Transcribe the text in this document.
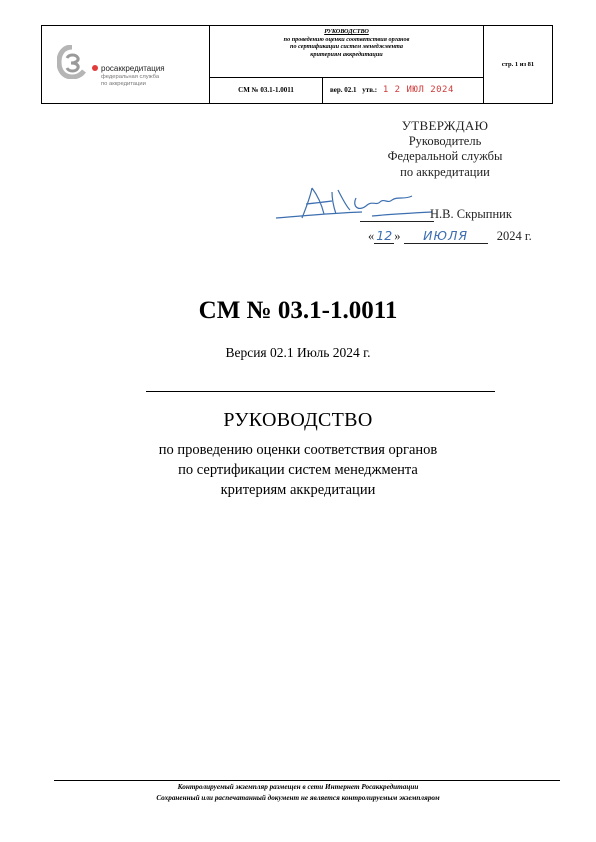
росаккредитация
федеральная служба
по аккредитации
РУКОВОДСТВО
по проведению оценки соответствия органов
по сертификации систем менеджмента
критериям аккредитации
СМ № 03.1-1.0011	вер. 02.1 утв.: 1 2 ИЮЛ 2024
стр. 1 из 81
УТВЕРЖДАЮ
Руководитель
Федеральной службы
по аккредитации
Н.В. Скрыпник
« 12 » ИЮЛЯ 2024 г.
СМ № 03.1-1.0011
Версия 02.1 Июль 2024 г.
РУКОВОДСТВО
по проведению оценки соответствия органов
по сертификации систем менеджмента
критериям аккредитации
Контролируемый экземпляр размещен в сети Интернет Росаккредитации
Сохраненный или распечатанный документ не является контролируемым экземпляром
